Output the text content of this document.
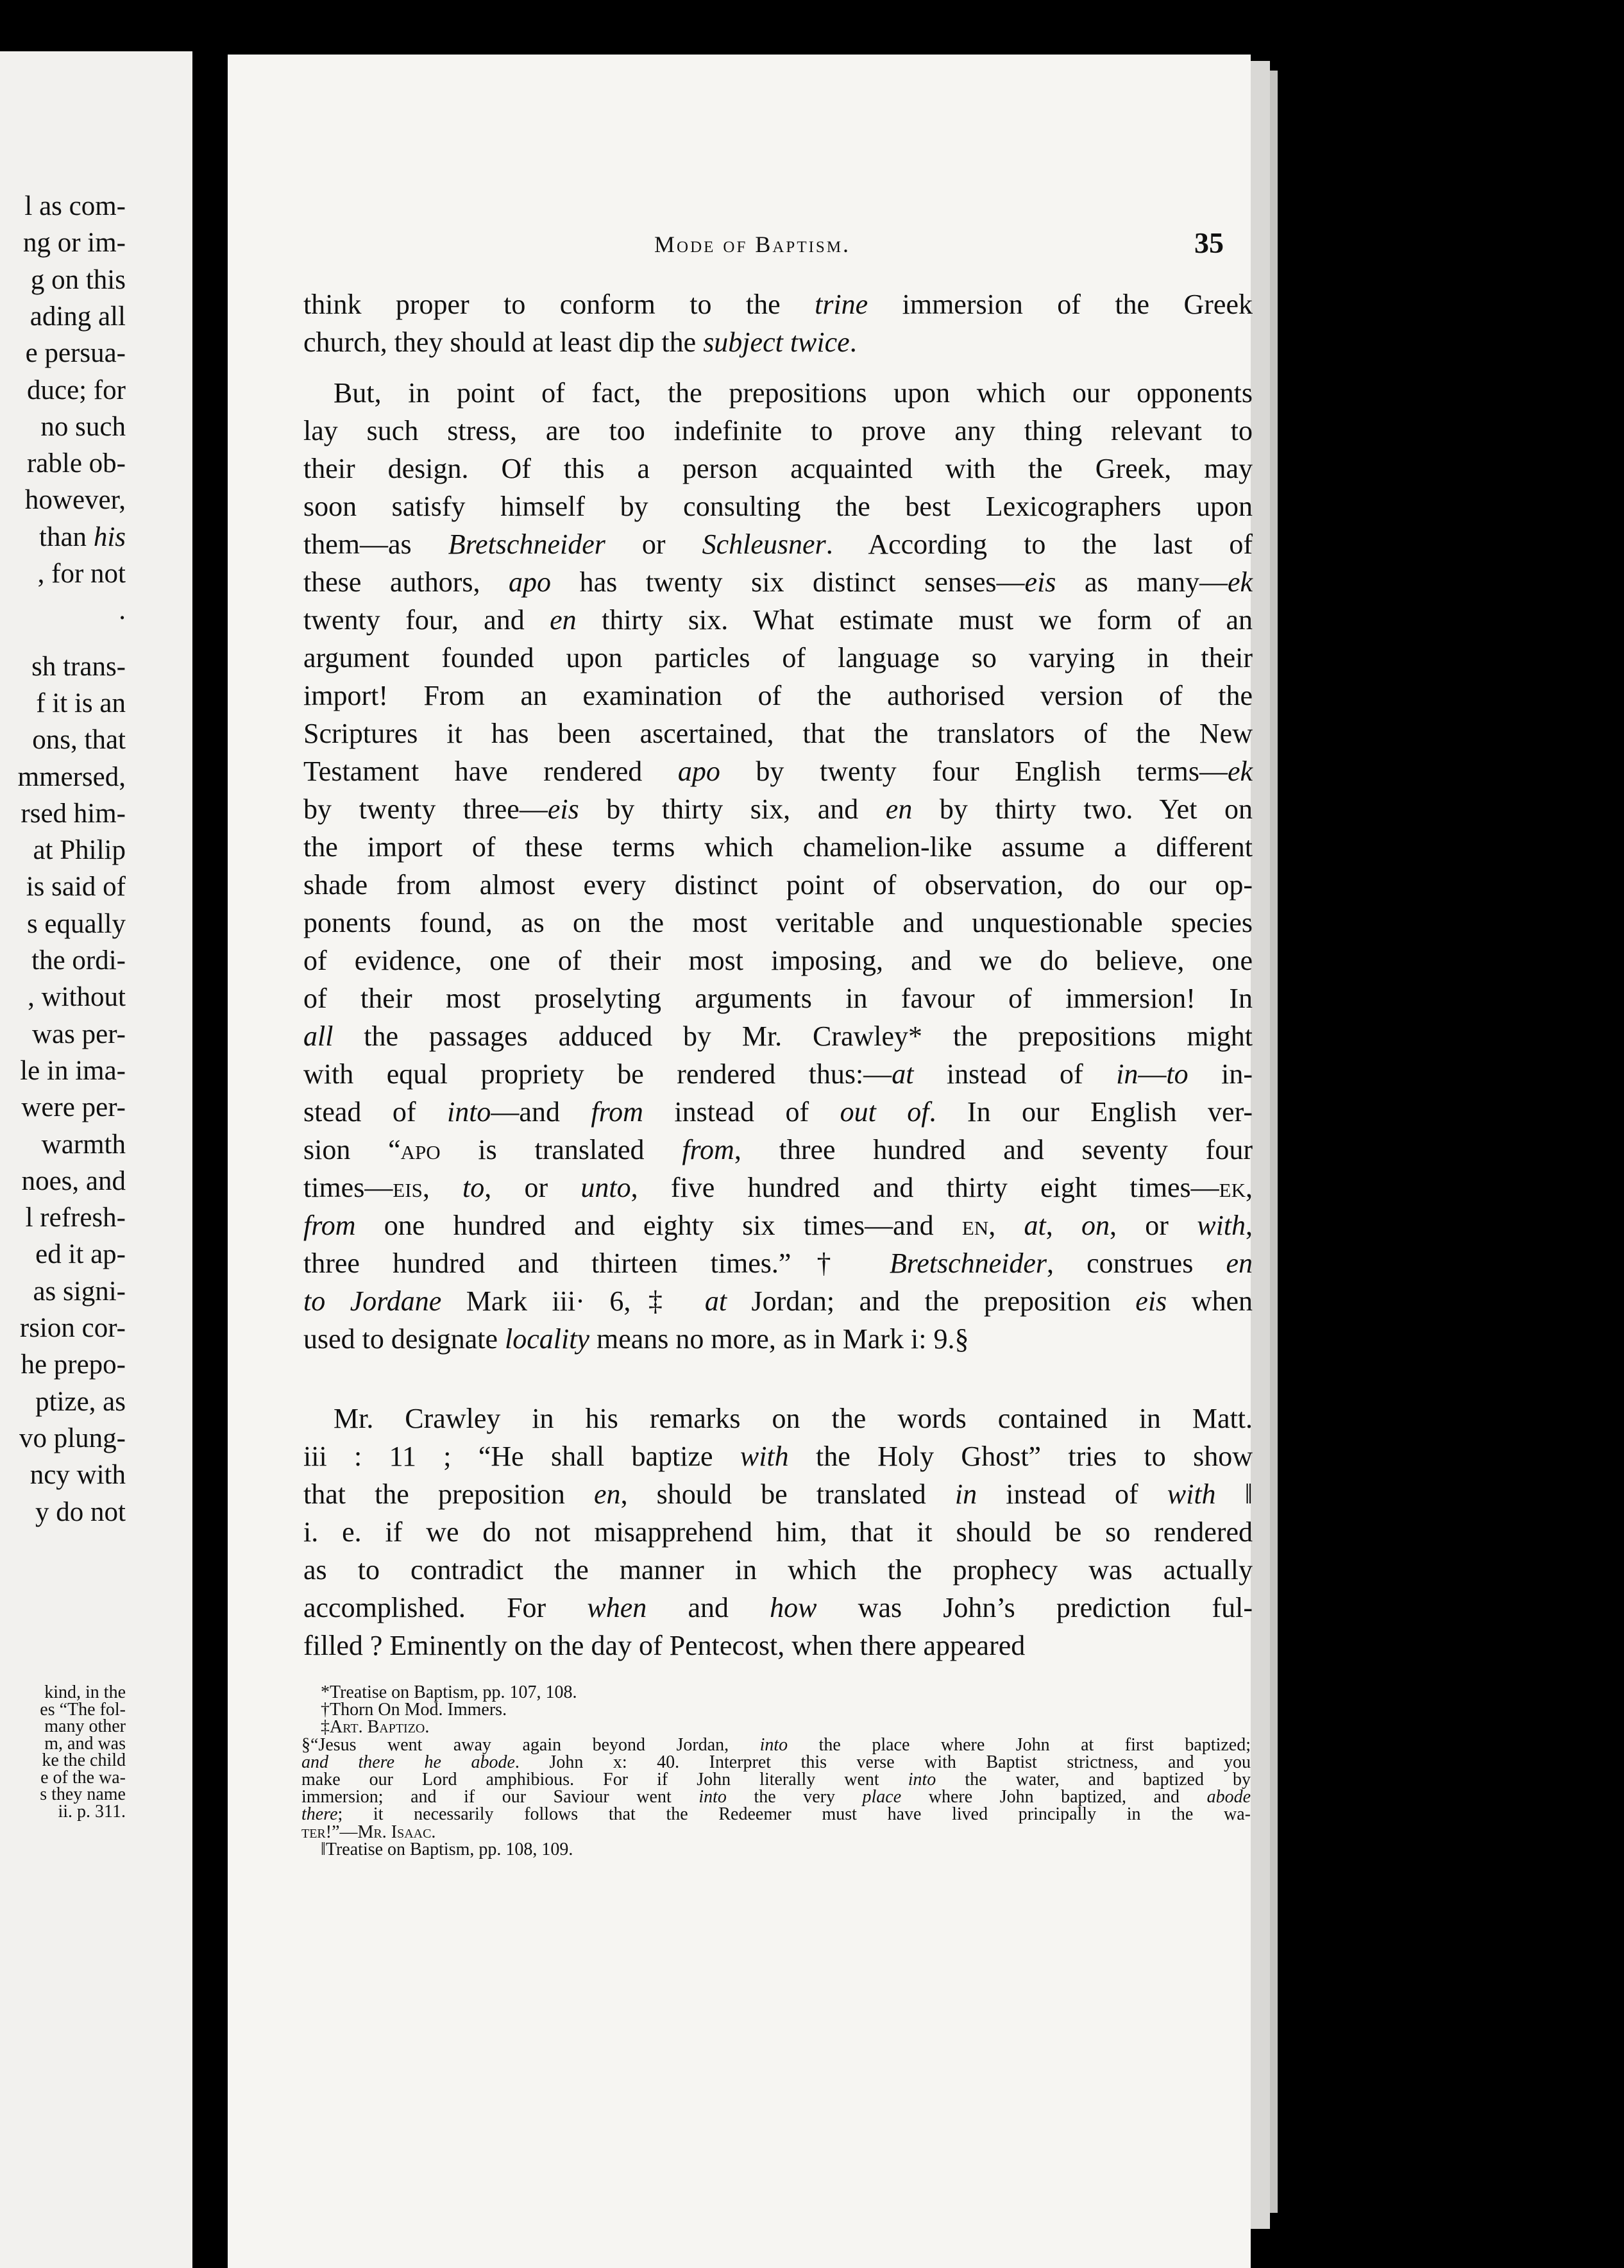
l as com-
ng or im-
g on this
ading all
e persua-
duce; for
no such
rable ob-
however,
than his
, for not
.
sh trans-
f it is an
ons, that
mmersed,
rsed him-
at Philip
is said of
s equally
the ordi-
, without
was per-
le in ima-
were per-
warmth
noes, and
l refresh-
ed it ap-
as signi-
rsion cor-
he prepo-
ptize, as
vo plung-
ncy with
y do not
kind, in the
es “The fol-
many other
m, and was
ke the child
e of the wa-
s they name
ii. p. 311.
Mode of Baptism.	35
think proper to conform to the trine immersion of the Greek
church, they should at least dip the subject twice.
But, in point of fact, the prepositions upon which our opponents
lay such stress, are too indefinite to prove any thing relevant to
their design. Of this a person acquainted with the Greek, may
soon satisfy himself by consulting the best Lexicographers upon
them—as Bretschneider or Schleusner. According to the last of
these authors, apo has twenty six distinct senses—eis as many—ek
twenty four, and en thirty six. What estimate must we form of an
argument founded upon particles of language so varying in their
import! From an examination of the authorised version of the
Scriptures it has been ascertained, that the translators of the New
Testament have rendered apo by twenty four English terms—ek
by twenty three—eis by thirty six, and en by thirty two. Yet on
the import of these terms which chamelion-like assume a different
shade from almost every distinct point of observation, do our op-
ponents found, as on the most veritable and unquestionable species
of evidence, one of their most imposing, and we do believe, one
of their most proselyting arguments in favour of immersion! In
all the passages adduced by Mr. Crawley* the prepositions might
with equal propriety be rendered thus:—at instead of in—to in-
stead of into—and from instead of out of. In our English ver-
sion “apo is translated from, three hundred and seventy four
times—eis, to, or unto, five hundred and thirty eight times—ek,
from one hundred and eighty six times—and en, at, on, or with,
three hundred and thirteen times.”† Bretschneider, construes en
to Jordane Mark iii· 6,‡ at Jordan; and the preposition eis when
used to designate locality means no more, as in Mark i: 9.§
Mr. Crawley in his remarks on the words contained in Matt.
iii : 11 ; “He shall baptize with the Holy Ghost” tries to show
that the preposition en, should be translated in instead of with ‖
i. e. if we do not misapprehend him, that it should be so rendered
as to contradict the manner in which the prophecy was actually
accomplished. For when and how was John’s prediction ful-
filled ? Eminently on the day of Pentecost, when there appeared
*Treatise on Baptism, pp. 107, 108.
†Thorn On Mod. Immers.
‡Art. Baptizo.
§“Jesus went away again beyond Jordan, into the place where John at first baptized;
and there he abode. John x: 40. Interpret this verse with Baptist strictness, and you
make our Lord amphibious. For if John literally went into the water, and baptized by
immersion; and if our Saviour went into the very place where John baptized, and abode
there; it necessarily follows that the Redeemer must have lived principally in the wa-
ter!”—Mr. Isaac.
‖Treatise on Baptism, pp. 108, 109.
